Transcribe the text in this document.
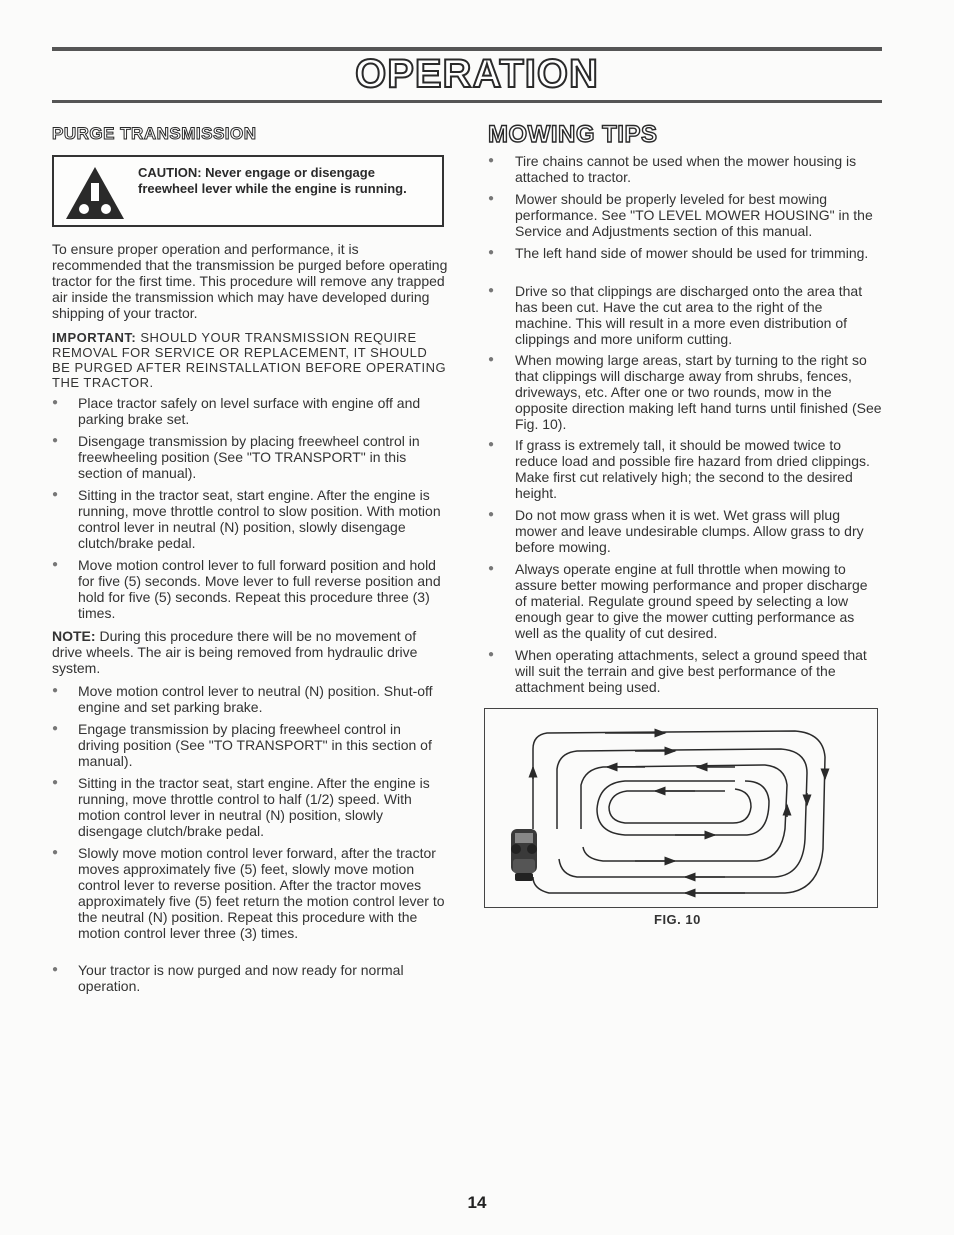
OPERATION
PURGE TRANSMISSION
CAUTION: Never engage or disengage freewheel lever while the engine is running.

To ensure proper operation and performance, it is recommended that the transmission be purged before operating tractor for the first time. This procedure will remove any trapped air inside the transmission which may have developed during shipping of your tractor.

IMPORTANT: SHOULD YOUR TRANSMISSION REQUIRE REMOVAL FOR SERVICE OR REPLACEMENT, IT SHOULD BE PURGED AFTER REINSTALLATION BEFORE OPERATING THE TRACTOR.

● Place tractor safely on level surface with engine off and parking brake set.
● Disengage transmission by placing freewheel control in freewheeling position (See "TO TRANSPORT" in this section of manual).
● Sitting in the tractor seat, start engine. After the engine is running, move throttle control to slow position. With motion control lever in neutral (N) position, slowly disengage clutch/brake pedal.
● Move motion control lever to full forward position and hold for five (5) seconds. Move lever to full reverse position and hold for five (5) seconds. Repeat this procedure three (3) times.

NOTE: During this procedure there will be no movement of drive wheels. The air is being removed from hydraulic drive system.

● Move motion control lever to neutral (N) position. Shut-off engine and set parking brake.
● Engage transmission by placing freewheel control in driving position (See "TO TRANSPORT" in this section of manual).
● Sitting in the tractor seat, start engine. After the engine is running, move throttle control to half (1/2) speed. With motion control lever in neutral (N) position, slowly disengage clutch/brake pedal.
● Slowly move motion control lever forward, after the tractor moves approximately five (5) feet, slowly move motion control lever to reverse position. After the tractor moves approximately five (5) feet return the motion control lever to the neutral (N) position. Repeat this procedure with the motion control lever three (3) times.
● Your tractor is now purged and now ready for normal operation.
MOWING TIPS
● Tire chains cannot be used when the mower housing is attached to tractor.
● Mower should be properly leveled for best mowing performance. See "TO LEVEL MOWER HOUSING" in the Service and Adjustments section of this manual.
● The left hand side of mower should be used for trimming.
● Drive so that clippings are discharged onto the area that has been cut. Have the cut area to the right of the machine. This will result in a more even distribution of clippings and more uniform cutting.
● When mowing large areas, start by turning to the right so that clippings will discharge away from shrubs, fences, driveways, etc. After one or two rounds, mow in the opposite direction making left hand turns until finished (See Fig. 10).
● If grass is extremely tall, it should be mowed twice to reduce load and possible fire hazard from dried clippings. Make first cut relatively high; the second to the desired height.
● Do not mow grass when it is wet. Wet grass will plug mower and leave undesirable clumps. Allow grass to dry before mowing.
● Always operate engine at full throttle when mowing to assure better mowing performance and proper discharge of material. Regulate ground speed by selecting a low enough gear to give the mower cutting performance as well as the quality of cut desired.
● When operating attachments, select a ground speed that will suit the terrain and give best performance of the attachment being used.
FIG. 10
14
